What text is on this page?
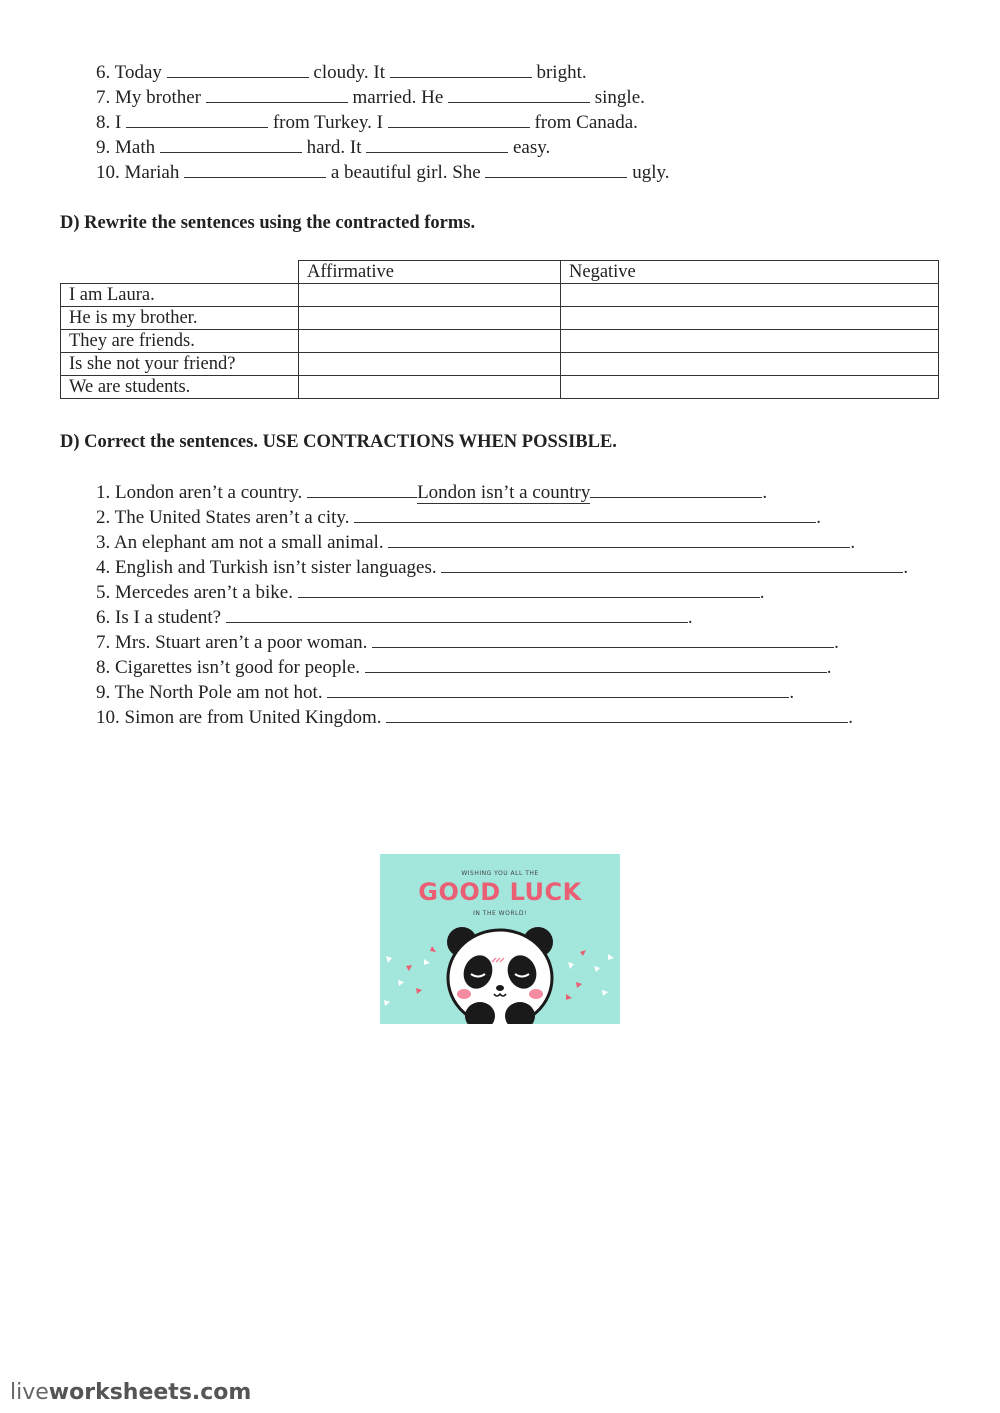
6. Today	cloudy. It	bright.
7. My brother	married. He	single.
8. I	from Turkey. I	from Canada.
9. Math	hard. It	easy.
10. Mariah	a beautiful girl. She	ugly.
D) Rewrite the sentences using the contracted forms.
	Affirmative	Negative
I am Laura.		
He is my brother.		
They are friends.		
Is she not your friend?		
We are students.		
D) Correct the sentences. USE CONTRACTIONS WHEN POSSIBLE.
1. London aren’t a country.	London isn’t a country	.
2. The United States aren’t a city.	.
3. An elephant am not a small animal.	.
4. English and Turkish isn’t sister languages.	.
5. Mercedes aren’t a bike.	.
6. Is I a student?	.
7. Mrs. Stuart aren’t a poor woman.	.
8. Cigarettes isn’t good for people.	.
9. The North Pole am not hot.	.
10. Simon are from United Kingdom.	.
WISHING YOU ALL THE
GOOD LUCK
IN THE WORLD!
liveworksheets.com
